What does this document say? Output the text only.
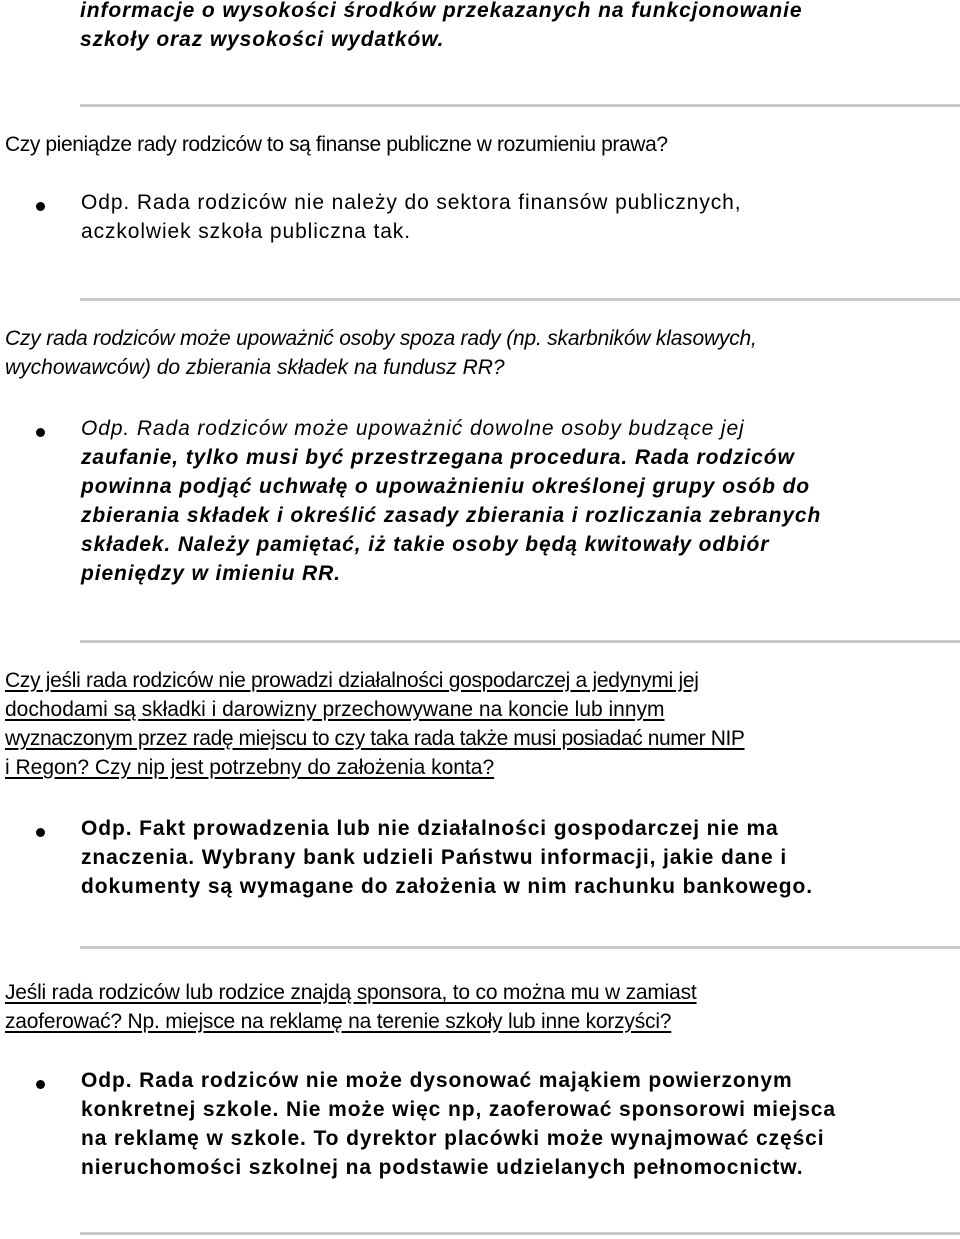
informacje o wysokości środków przekazanych na funkcjonowanie

szkoły oraz wysokości wydatków.

Czy pieniądze rady rodziców to są finanse publiczne w rozumieniu prawa?

Odp. Rada rodziców nie należy do sektora finansów publicznych,

aczkolwiek szkoła publiczna tak.

Czy rada rodziców może upoważnić osoby spoza rady (np. skarbników klasowych,

wychowawców) do zbierania składek na fundusz RR?

Odp. Rada rodziców może upoważnić dowolne osoby budzące jej

zaufanie, tylko musi być przestrzegana procedura. Rada rodziców

powinna podjąć uchwałę o upoważnieniu określonej grupy osób do

zbierania składek i określić zasady zbierania i rozliczania zebranych

składek. Należy pamiętać, iż takie osoby będą kwitowały odbiór

pieniędzy w imieniu RR.

Czy jeśli rada rodziców nie prowadzi działalności gospodarczej a jedynymi jej

dochodami są składki i darowizny przechowywane na koncie lub innym

wyznaczonym przez radę miejscu to czy taka rada także musi posiadać numer NIP

i Regon? Czy nip jest potrzebny do założenia konta?

Odp. Fakt prowadzenia lub nie działalności gospodarczej nie ma

znaczenia. Wybrany bank udzieli Państwu informacji, jakie dane i

dokumenty są wymagane do założenia w nim rachunku bankowego.

Jeśli rada rodziców lub rodzice znajdą sponsora, to co można mu w zamiast

zaoferować? Np. miejsce na reklamę na terenie szkoły lub inne korzyści?

Odp. Rada rodziców nie może dysonować mająkiem powierzonym

konkretnej szkole. Nie może więc np, zaoferować sponsorowi miejsca

na reklamę w szkole. To dyrektor placówki może wynajmować części

nieruchomości szkolnej na podstawie udzielanych pełnomocnictw.
